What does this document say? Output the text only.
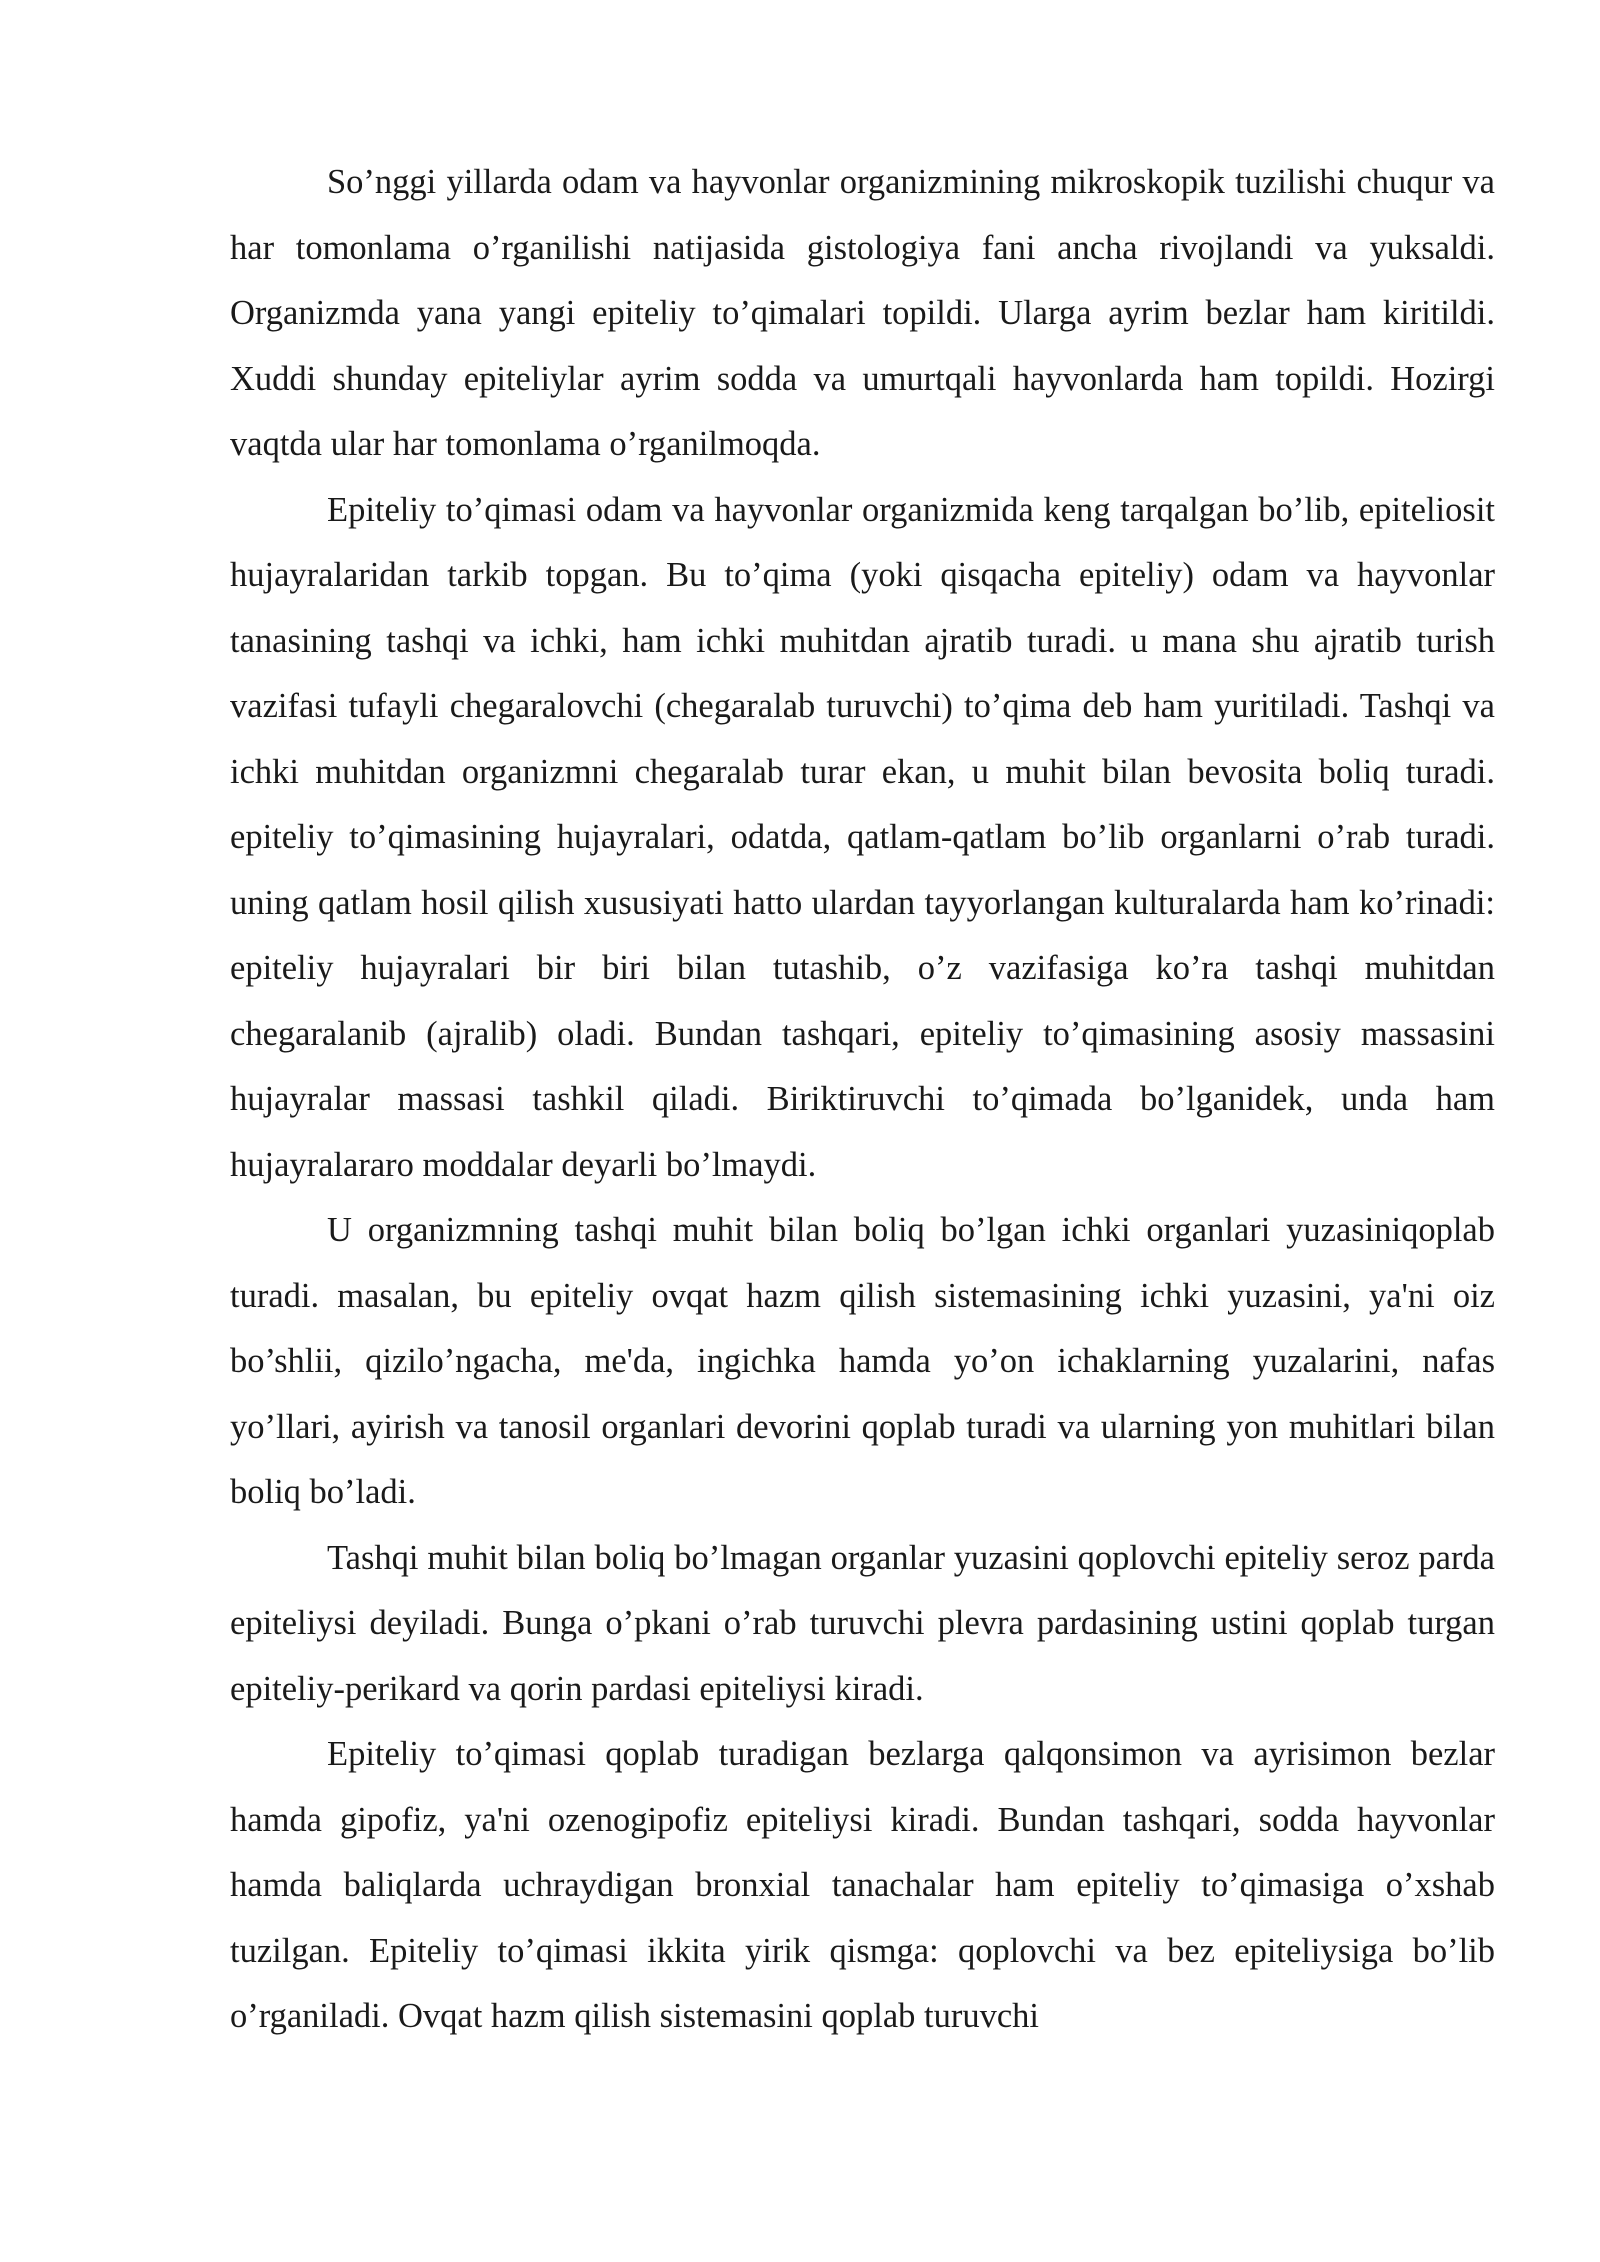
So’nggi yillarda odam va hayvonlar organizmining mikroskopik tuzilishi chuqur va har tomonlama o’rganilishi natijasida gistologiya fani ancha rivojlandi va yuksaldi. Organizmda yana yangi epiteliy to’qimalari topildi. Ularga ayrim bezlar ham kiritildi. Xuddi shunday epiteliylar ayrim sodda va umurtqali hayvonlarda ham topildi. Hozirgi vaqtda ular har tomonlama o’rganilmoqda.

Epiteliy to’qimasi odam va hayvonlar organizmida keng tarqalgan bo’lib, epiteliosit hujayralaridan tarkib topgan. Bu to’qima (yoki qisqacha epiteliy) odam va hayvonlar tanasining tashqi va ichki, ham ichki muhitdan ajratib turadi. u mana shu ajratib turish vazifasi tufayli chegaralovchi (chegaralab turuvchi) to’qima deb ham yuritiladi. Tashqi va ichki muhitdan organizmni chegaralab turar ekan, u muhit bilan bevosita boliq turadi. epiteliy to’qimasining hujayralari, odatda, qatlam-qatlam bo’lib organlarni o’rab turadi. uning qatlam hosil qilish xususiyati hatto ulardan tayyorlangan kulturalarda ham ko’rinadi: epiteliy hujayralari bir biri bilan tutashib, o’z vazifasiga ko’ra tashqi muhitdan chegaralanib (ajralib) oladi. Bundan tashqari, epiteliy to’qimasining asosiy massasini hujayralar massasi tashkil qiladi. Biriktiruvchi to’qimada bo’lganidek, unda ham hujayralararo moddalar deyarli bo’lmaydi.

U organizmning tashqi muhit bilan boliq bo’lgan ichki organlari yuzasiniqoplab turadi. masalan, bu epiteliy ovqat hazm qilish sistemasining ichki yuzasini, ya'ni oiz bo’shlii, qizilo’ngacha, me'da, ingichka hamda yo’on ichaklarning yuzalarini, nafas yo’llari, ayirish va tanosil organlari devorini qoplab turadi va ularning yon muhitlari bilan boliq bo’ladi.

Tashqi muhit bilan boliq bo’lmagan organlar yuzasini qoplovchi epiteliy seroz parda epiteliysi deyiladi. Bunga o’pkani o’rab turuvchi plevra pardasining ustini qoplab turgan epiteliy-perikard va qorin pardasi epiteliysi kiradi.

Epiteliy to’qimasi qoplab turadigan bezlarga qalqonsimon va ayrisimon bezlar hamda gipofiz, ya'ni ozenogipofiz epiteliysi kiradi. Bundan tashqari, sodda hayvonlar hamda baliqlarda uchraydigan bronxial tanachalar ham epiteliy to’qimasiga o’xshab tuzilgan. Epiteliy to’qimasi ikkita yirik qismga: qoplovchi va bez epiteliysiga bo’lib o’rganiladi. Ovqat hazm qilish sistemasini qoplab turuvchi
